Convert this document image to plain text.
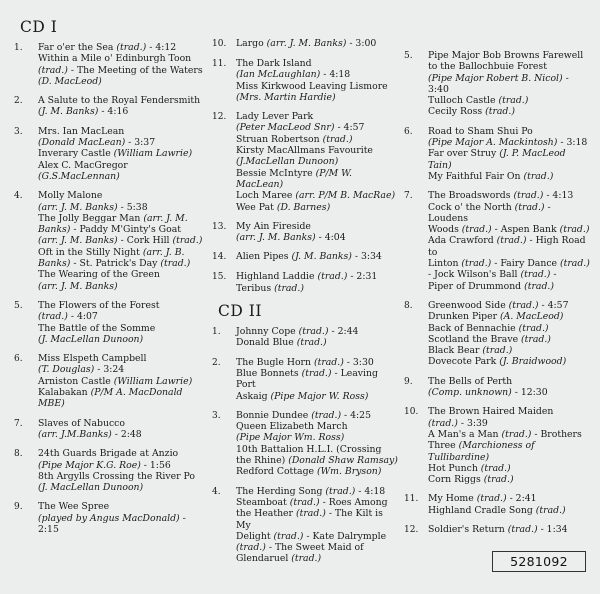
CD I
1.	Far o'er the Sea (trad.) - 4:12
Within a Mile o' Edinburgh Toon
(trad.) - The Meeting of the Waters
(D. MacLeod)
2.	A Salute to the Royal Fendersmith
(J. M. Banks) - 4:16
3.	Mrs. Ian MacLean
(Donald MacLean) - 3:37
Inverary Castle (William Lawrie)
Alex C. MacGregor
(G.S.MacLennan)
4.	Molly Malone
(arr. J. M. Banks) - 5:38
The Jolly Beggar Man (arr. J. M.
Banks) - Paddy M'Ginty's Goat
(arr. J. M. Banks) - Cork Hill (trad.)
Oft in the Stilly Night (arr. J. B.
Banks) - St. Patrick's Day (trad.)
The Wearing of the Green
(arr. J. M. Banks)
5.	The Flowers of the Forest
(trad.) - 4:07
The Battle of the Somme
(J. MacLellan Dunoon)
6.	Miss Elspeth Campbell
(T. Douglas) - 3:24
Arniston Castle (William Lawrie)
Kalabakan (P/M A. MacDonald MBE)
7.	Slaves of Nabucco
(arr. J.M.Banks) - 2:48
8.	24th Guards Brigade at Anzio
(Pipe Major K.G. Roe) - 1:56
8th Argylls Crossing the River Po
(J. MacLellan Dunoon)
9.	The Wee Spree
(played by Angus MacDonald) - 2:15
10.	Largo (arr. J. M. Banks) - 3:00
11.	The Dark Island
(Ian McLaughlan) - 4:18
Miss Kirkwood Leaving Lismore
(Mrs. Martin Hardie)
12.	Lady Lever Park
(Peter MacLeod Snr) - 4:57
Struan Robertson (trad.)
Kirsty MacAllmans Favourite
(J.MacLellan Dunoon)
Bessie McIntyre (P/M W.
MacLean)
Loch Maree (arr. P/M B. MacRae)
Wee Pat (D. Barnes)
13.	My Ain Fireside
(arr. J. M. Banks) - 4:04
14.	Alien Pipes (J. M. Banks) - 3:34
15.	Highland Laddie (trad.) - 2:31
Teribus (trad.)
CD II
1.	Johnny Cope (trad.) - 2:44
Donald Blue (trad.)
2.	The Bugle Horn (trad.) - 3:30
Blue Bonnets (trad.) - Leaving Port
Askaig (Pipe Major W. Ross)
3.	Bonnie Dundee (trad.) - 4:25
Queen Elizabeth March
(Pipe Major Wm. Ross)
10th Battalion H.L.I. (Crossing
the Rhine) (Donald Shaw Ramsay)
Redford Cottage (Wm. Bryson)
4.	The Herding Song (trad.) - 4:18
Steamboat (trad.) - Roes Among
the Heather (trad.) - The Kilt is My
Delight (trad.) - Kate Dalrymple
(trad.) - The Sweet Maid of
Glendaruel (trad.)
5.	Pipe Major Bob Browns Farewell
to the Ballochbuie Forest
(Pipe Major Robert B. Nicol) - 3:40
Tulloch Castle (trad.)
Cecily Ross (trad.)
6.	Road to Sham Shui Po
(Pipe Major A. Mackintosh) - 3:18
Far over Struy (J. P. MacLeod Tain)
My Faithful Fair On (trad.)
7.	The Broadswords (trad.) - 4:13
Cock o' the North (trad.) - Loudens
Woods (trad.) - Aspen Bank (trad.)
Ada Crawford (trad.) - High Road to
Linton (trad.) - Fairy Dance (trad.)
- Jock Wilson's Ball (trad.) -
Piper of Drummond (trad.)
8.	Greenwood Side (trad.) - 4:57
Drunken Piper (A. MacLeod)
Back of Bennachie (trad.)
Scotland the Brave (trad.)
Black Bear (trad.)
Dovecote Park (J. Braidwood)
9.	The Bells of Perth
(Comp. unknown) - 12:30
10.	The Brown Haired Maiden
(trad.) - 3:39
A Man's a Man (trad.) - Brothers
Three (Marchioness of Tullibardine)
Hot Punch (trad.)
Corn Riggs (trad.)
11.	My Home (trad.) - 2:41
Highland Cradle Song (trad.)
12.	Soldier's Return (trad.) - 1:34
5281092
